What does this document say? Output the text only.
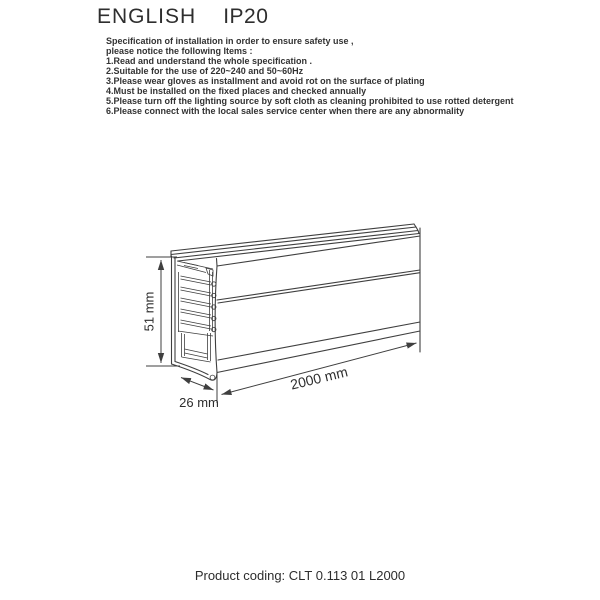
ENGLISH IP20
Specification of installation in order to ensure safety use ,
please notice the following Items :
1.Read and understand the whole specification .
2.Suitable for the use of 220~240 and 50~60Hz
3.Please wear gloves as installment and avoid rot on the surface of plating
4.Must be installed on the fixed places and checked annually
5.Please turn off the lighting source by soft cloth as cleaning prohibited to use rotted detergent
6.Please connect with the local sales service center when there are any abnormality
51 mm
26 mm
2000 mm
Product coding: CLT 0.113 01 L2000
